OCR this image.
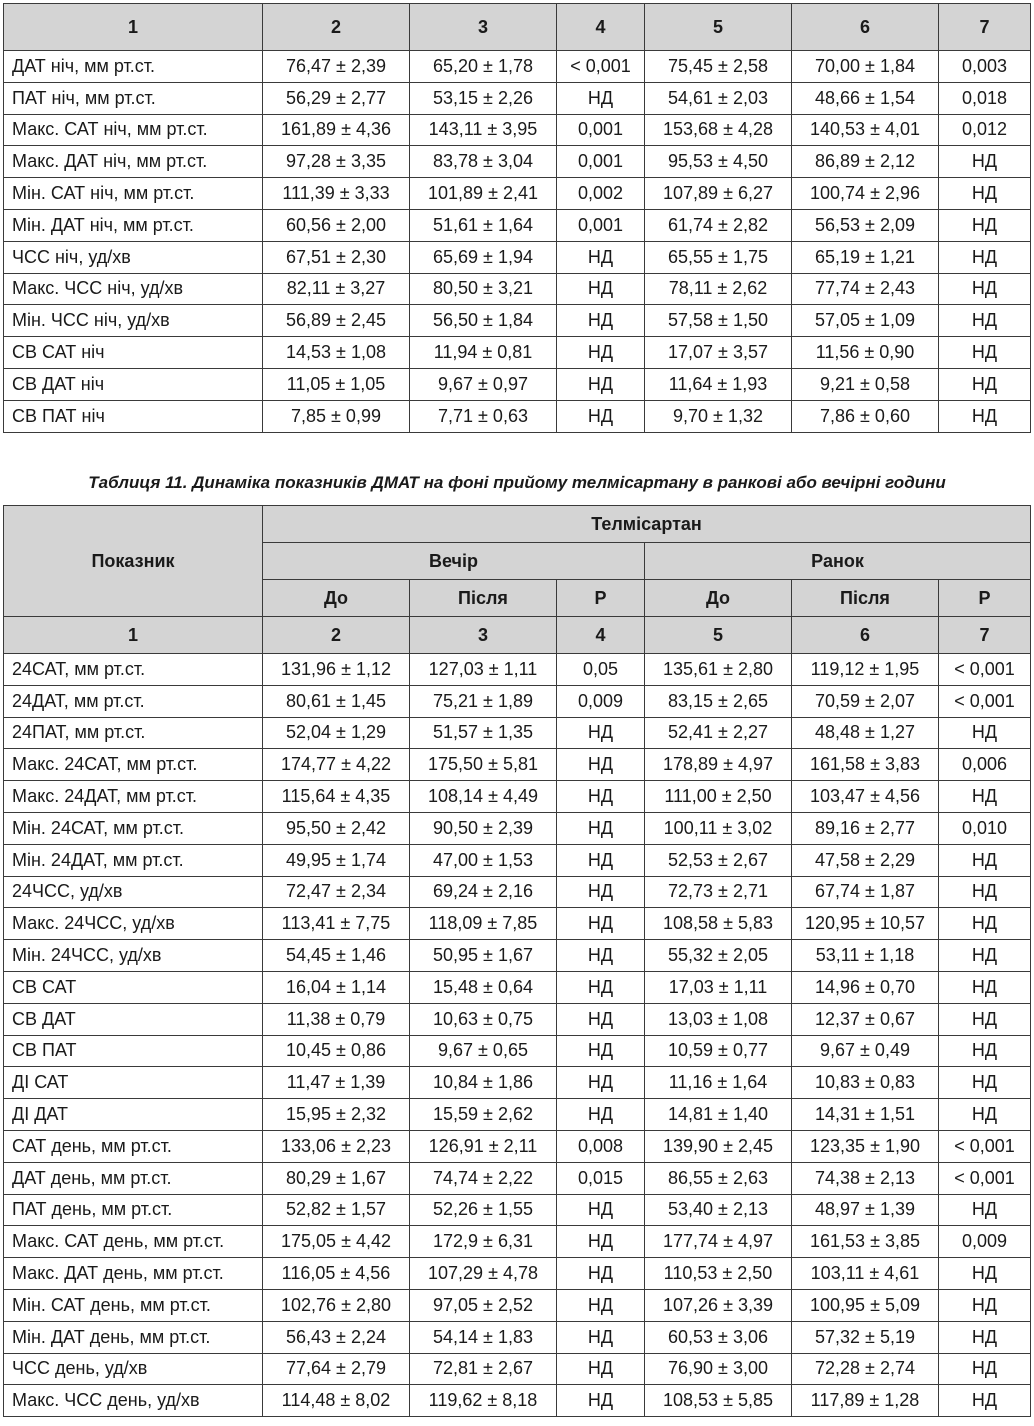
1	2	3	4	5	6	7
ДАТ ніч, мм рт.ст.	76,47 ± 2,39	65,20 ± 1,78	< 0,001	75,45 ± 2,58	70,00 ± 1,84	0,003
ПАТ ніч, мм рт.ст.	56,29 ± 2,77	53,15 ± 2,26	НД	54,61 ± 2,03	48,66 ± 1,54	0,018
Макс. САТ ніч, мм рт.ст.	161,89 ± 4,36	143,11 ± 3,95	0,001	153,68 ± 4,28	140,53 ± 4,01	0,012
Макс. ДАТ ніч, мм рт.ст.	97,28 ± 3,35	83,78 ± 3,04	0,001	95,53 ± 4,50	86,89 ± 2,12	НД
Мін. САТ ніч, мм рт.ст.	111,39 ± 3,33	101,89 ± 2,41	0,002	107,89 ± 6,27	100,74 ± 2,96	НД
Мін. ДАТ ніч, мм рт.ст.	60,56 ± 2,00	51,61 ± 1,64	0,001	61,74 ± 2,82	56,53 ± 2,09	НД
ЧСС ніч, уд/хв	67,51 ± 2,30	65,69 ± 1,94	НД	65,55 ± 1,75	65,19 ± 1,21	НД
Макс. ЧСС ніч, уд/хв	82,11 ± 3,27	80,50 ± 3,21	НД	78,11 ± 2,62	77,74 ± 2,43	НД
Мін. ЧСС ніч, уд/хв	56,89 ± 2,45	56,50 ± 1,84	НД	57,58 ± 1,50	57,05 ± 1,09	НД
СВ САТ ніч	14,53 ± 1,08	11,94 ± 0,81	НД	17,07 ± 3,57	11,56 ± 0,90	НД
СВ ДАТ ніч	11,05 ± 1,05	9,67 ± 0,97	НД	11,64 ± 1,93	9,21 ± 0,58	НД
СВ ПАТ ніч	7,85 ± 0,99	7,71 ± 0,63	НД	9,70 ± 1,32	7,86 ± 0,60	НД
Таблиця 11. Динаміка показників ДМАТ на фоні прийому телмісартану в ранкові або вечірні години
Показник	Телмісартан					
	Вечір			Ранок		
	До	Після	Р	До	Після	Р
1	2	3	4	5	6	7
24САТ, мм рт.ст.	131,96 ± 1,12	127,03 ± 1,11	0,05	135,61 ± 2,80	119,12 ± 1,95	< 0,001
24ДАТ, мм рт.ст.	80,61 ± 1,45	75,21 ± 1,89	0,009	83,15 ± 2,65	70,59 ± 2,07	< 0,001
24ПАТ, мм рт.ст.	52,04 ± 1,29	51,57 ± 1,35	НД	52,41 ± 2,27	48,48 ± 1,27	НД
Макс. 24САТ, мм рт.ст.	174,77 ± 4,22	175,50 ± 5,81	НД	178,89 ± 4,97	161,58 ± 3,83	0,006
Макс. 24ДАТ, мм рт.ст.	115,64 ± 4,35	108,14 ± 4,49	НД	111,00 ± 2,50	103,47 ± 4,56	НД
Мін. 24САТ, мм рт.ст.	95,50 ± 2,42	90,50 ± 2,39	НД	100,11 ± 3,02	89,16 ± 2,77	0,010
Мін. 24ДАТ, мм рт.ст.	49,95 ± 1,74	47,00 ± 1,53	НД	52,53 ± 2,67	47,58 ± 2,29	НД
24ЧСС, уд/хв	72,47 ± 2,34	69,24 ± 2,16	НД	72,73 ± 2,71	67,74 ± 1,87	НД
Макс. 24ЧСС, уд/хв	113,41 ± 7,75	118,09 ± 7,85	НД	108,58 ± 5,83	120,95 ± 10,57	НД
Мін. 24ЧСС, уд/хв	54,45 ± 1,46	50,95 ± 1,67	НД	55,32 ± 2,05	53,11 ± 1,18	НД
СВ САТ	16,04 ± 1,14	15,48 ± 0,64	НД	17,03 ± 1,11	14,96 ± 0,70	НД
СВ ДАТ	11,38 ± 0,79	10,63 ± 0,75	НД	13,03 ± 1,08	12,37 ± 0,67	НД
СВ ПАТ	10,45 ± 0,86	9,67 ± 0,65	НД	10,59 ± 0,77	9,67 ± 0,49	НД
ДІ САТ	11,47 ± 1,39	10,84 ± 1,86	НД	11,16 ± 1,64	10,83 ± 0,83	НД
ДІ ДАТ	15,95 ± 2,32	15,59 ± 2,62	НД	14,81 ± 1,40	14,31 ± 1,51	НД
САТ день, мм рт.ст.	133,06 ± 2,23	126,91 ± 2,11	0,008	139,90 ± 2,45	123,35 ± 1,90	< 0,001
ДАТ день, мм рт.ст.	80,29 ± 1,67	74,74 ± 2,22	0,015	86,55 ± 2,63	74,38 ± 2,13	< 0,001
ПАТ день, мм рт.ст.	52,82 ± 1,57	52,26 ± 1,55	НД	53,40 ± 2,13	48,97 ± 1,39	НД
Макс. САТ день, мм рт.ст.	175,05 ± 4,42	172,9 ± 6,31	НД	177,74 ± 4,97	161,53 ± 3,85	0,009
Макс. ДАТ день, мм рт.ст.	116,05 ± 4,56	107,29 ± 4,78	НД	110,53 ± 2,50	103,11 ± 4,61	НД
Мін. САТ день, мм рт.ст.	102,76 ± 2,80	97,05 ± 2,52	НД	107,26 ± 3,39	100,95 ± 5,09	НД
Мін. ДАТ день, мм рт.ст.	56,43 ± 2,24	54,14 ± 1,83	НД	60,53 ± 3,06	57,32 ± 5,19	НД
ЧСС день, уд/хв	77,64 ± 2,79	72,81 ± 2,67	НД	76,90 ± 3,00	72,28 ± 2,74	НД
Макс. ЧСС день, уд/хв	114,48 ± 8,02	119,62 ± 8,18	НД	108,53 ± 5,85	117,89 ± 1,28	НД
